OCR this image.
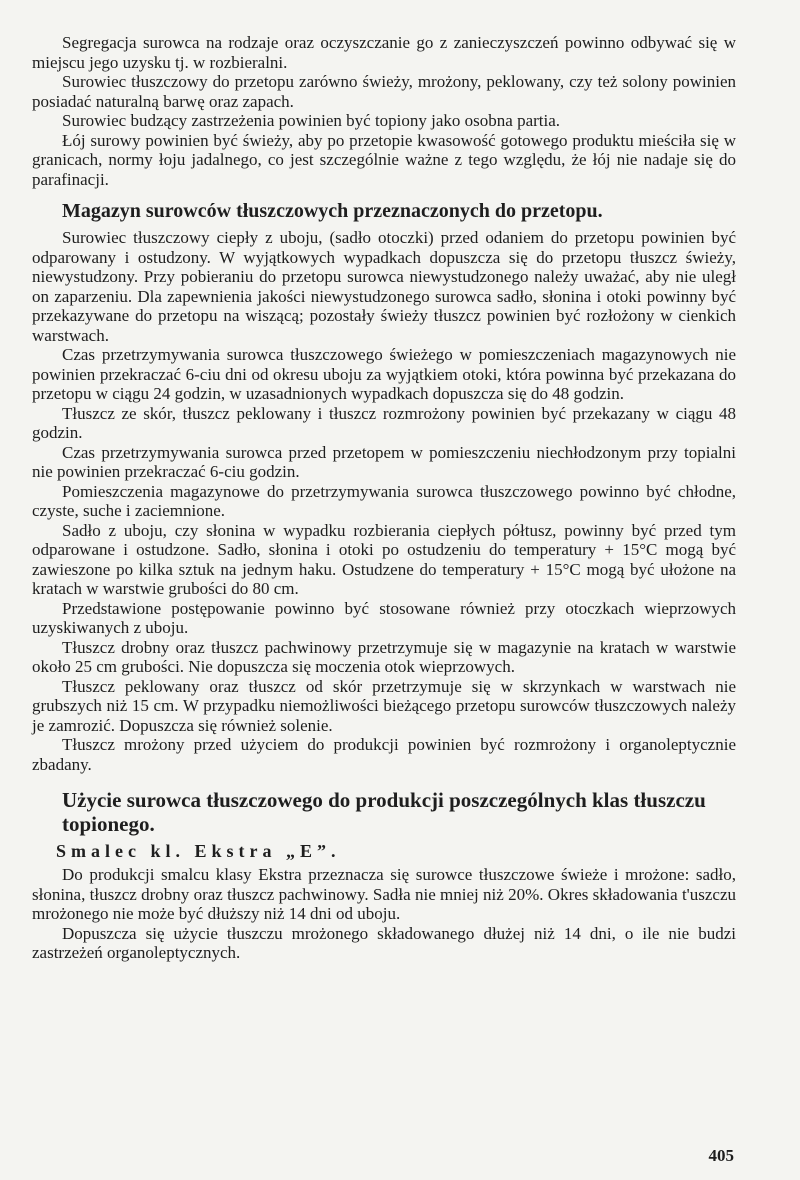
Segregacja surowca na rodzaje oraz oczyszczanie go z zanieczyszczeń powinno odbywać się w miejscu jego uzysku tj. w rozbieralni.

Surowiec tłuszczowy do przetopu zarówno świeży, mrożony, peklowany, czy też solony powinien posiadać naturalną barwę oraz zapach.

Surowiec budzący zastrzeżenia powinien być topiony jako osobna partia.

Łój surowy powinien być świeży, aby po przetopie kwasowość gotowego produktu mieściła się w granicach, normy łoju jadalnego, co jest szczególnie ważne z tego względu, że łój nie nadaje się do parafinacji.

Magazyn surowców tłuszczowych przeznaczonych do przetopu.

Surowiec tłuszczowy ciepły z uboju, (sadło otoczki) przed odaniem do przetopu powinien być odparowany i ostudzony. W wyjątkowych wypadkach dopuszcza się do przetopu tłuszcz świeży, niewystudzony. Przy pobieraniu do przetopu surowca niewystudzonego należy uważać, aby nie uległ on zaparzeniu. Dla zapewnienia jakości niewystudzonego surowca sadło, słonina i otoki powinny być przekazywane do przetopu na wiszącą; pozostały świeży tłuszcz powinien być rozłożony w cienkich warstwach.

Czas przetrzymywania surowca tłuszczowego świeżego w pomieszczeniach magazynowych nie powinien przekraczać 6-ciu dni od okresu uboju za wyjątkiem otoki, która powinna być przekazana do przetopu w ciągu 24 godzin, w uzasadnionych wypadkach dopuszcza się do 48 godzin.

Tłuszcz ze skór, tłuszcz peklowany i tłuszcz rozmrożony powinien być przekazany w ciągu 48 godzin.

Czas przetrzymywania surowca przed przetopem w pomieszczeniu niechłodzonym przy topialni nie powinien przekraczać 6-ciu godzin.

Pomieszczenia magazynowe do przetrzymywania surowca tłuszczowego powinno być chłodne, czyste, suche i zaciemnione.

Sadło z uboju, czy słonina w wypadku rozbierania ciepłych półtusz, powinny być przed tym odparowane i ostudzone. Sadło, słonina i otoki po ostudzeniu do temperatury + 15°C mogą być zawieszone po kilka sztuk na jednym haku. Ostudzene do temperatury + 15°C mogą być ułożone na kratach w warstwie grubości do 80 cm.

Przedstawione postępowanie powinno być stosowane również przy otoczkach wieprzowych uzyskiwanych z uboju.

Tłuszcz drobny oraz tłuszcz pachwinowy przetrzymuje się w magazynie na kratach w warstwie około 25 cm grubości. Nie dopuszcza się moczenia otok wieprzowych.

Tłuszcz peklowany oraz tłuszcz od skór przetrzymuje się w skrzynkach w warstwach nie grubszych niż 15 cm. W przypadku niemożliwości bieżącego przetopu surowców tłuszczowych należy je zamrozić. Dopuszcza się również solenie.

Tłuszcz mrożony przed użyciem do produkcji powinien być rozmrożony i organoleptycznie zbadany.

Użycie surowca tłuszczowego do produkcji poszczególnych klas tłuszczu topionego.
Smalec kl. Ekstra „E”.

Do produkcji smalcu klasy Ekstra przeznacza się surowce tłuszczowe świeże i mrożone: sadło, słonina, tłuszcz drobny oraz tłuszcz pachwinowy. Sadła nie mniej niż 20%. Okres składowania t'uszczu mrożonego nie może być dłuższy niż 14 dni od uboju.

Dopuszcza się użycie tłuszczu mrożonego składowanego dłużej niż 14 dni, o ile nie budzi zastrzeżeń organoleptycznych.

405
